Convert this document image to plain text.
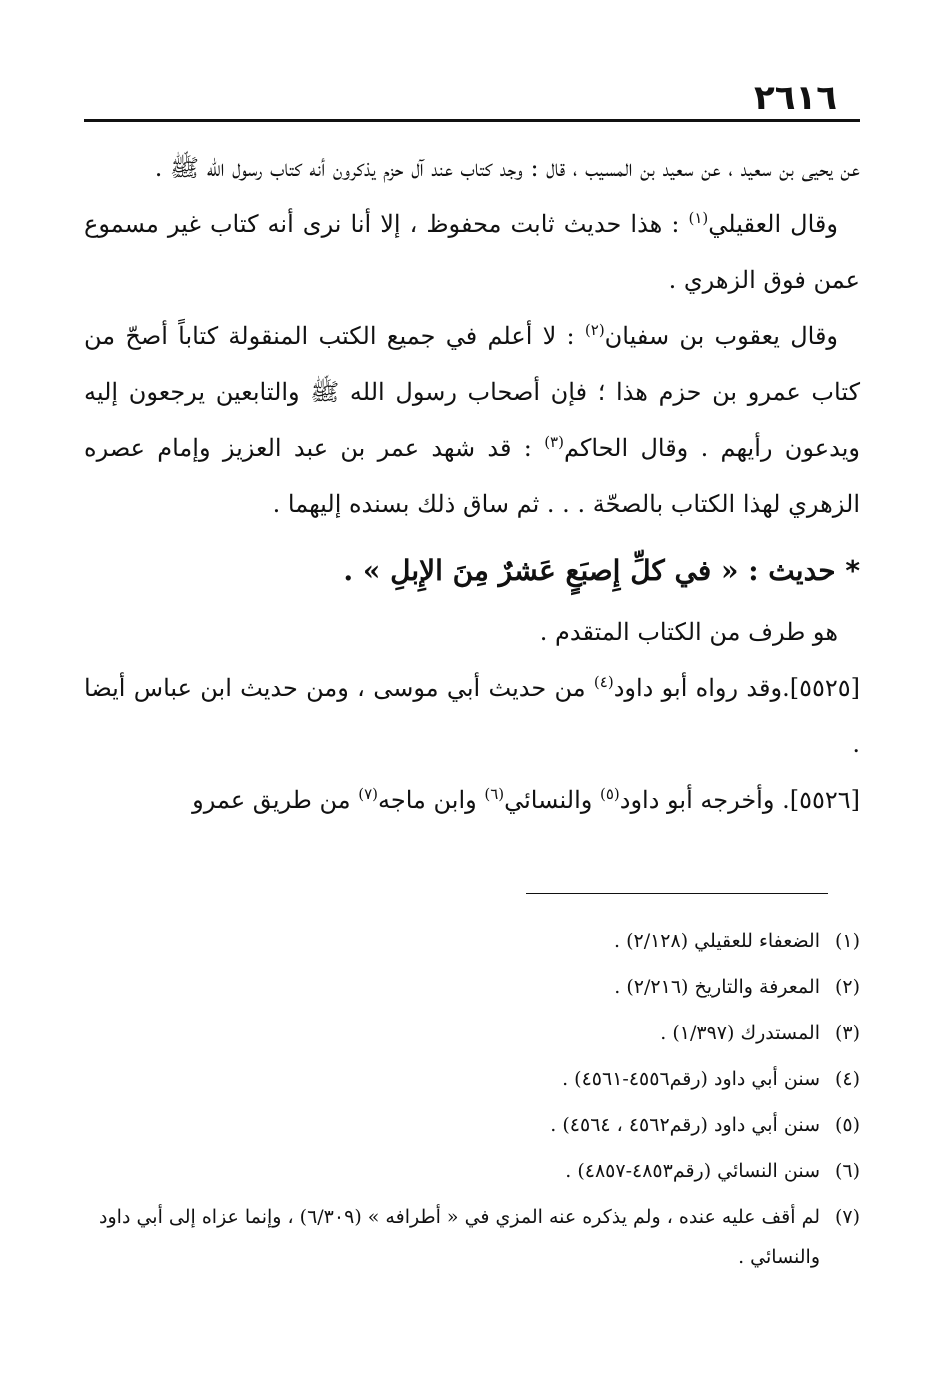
٢٦١٦

عن يحيى بن سعيد ، عن سعيد بن المسيب ، قال : وجد كتاب عند آل حزم يذكرون أنه كتاب رسول الله ﷺ .

وقال العقيلي$^{(١)}$ : هذا حديث ثابت محفوظ ، إلا أنا نرى أنه كتاب غير مسموع عمن فوق الزهري .

وقال يعقوب بن سفيان$^{(٢)}$ : لا أعلم في جميع الكتب المنقولة كتاباً أصحّ من كتاب عمرو بن حزم هذا ؛ فإن أصحاب رسول الله ﷺ والتابعين يرجعون إليه ويدعون رأيهم . وقال الحاكم$^{(٣)}$ : قد شهد عمر بن عبد العزيز وإمام عصره الزهري لهذا الكتاب بالصحّة . . . ثم ساق ذلك بسنده إليهما .

* حديث : « في كلِّ إِصبَعٍ عَشرٌ مِنَ الإِبلِ » .

هو طرف من الكتاب المتقدم .

[٥٥٢٥].وقد رواه أبو داود$^{(٤)}$ من حديث أبي موسى ، ومن حديث ابن عباس أيضا .

[٥٥٢٦]. وأخرجه أبو داود$^{(٥)}$ والنسائي$^{(٦)}$ وابن ماجه$^{(٧)}$ من طريق عمرو

(١)
الضعفاء للعقيلي (٢/١٢٨) .
(٢)
المعرفة والتاريخ (٢/٢١٦) .
(٣)
المستدرك (١/٣٩٧) .
(٤)
سنن أبي داود (رقم٤٥٥٦-٤٥٦١) .
(٥)
سنن أبي داود (رقم٤٥٦٢ ، ٤٥٦٤) .
(٦)
سنن النسائي (رقم٤٨٥٣-٤٨٥٧) .
(٧)
لم أقف عليه عنده ، ولم يذكره عنه المزي في « أطرافه » (٦/٣٠٩) ، وإنما عزاه إلى أبي داود والنسائي .
